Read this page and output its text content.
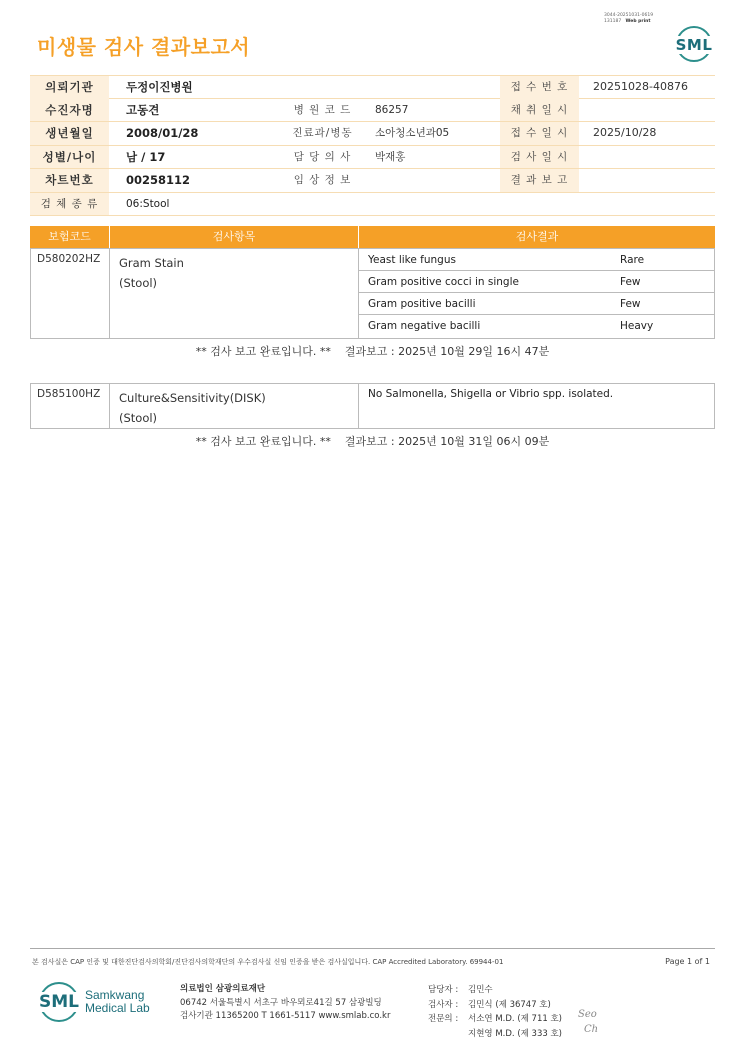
3044-20251031-0619
131187 Web print
미생물 검사 결과보고서	SML
의뢰기관	두정이진병원	접 수 번 호	20251028-40876
수진자명	고동견	병 원 코 드	86257	채 취 일 시
생년월일	2008/01/28	진료과/병동	소아청소년과05	접 수 일 시	2025/10/28
성별/나이	남 / 17	담 당 의 사	박재홍	검 사 일 시
차트번호	00258112	임 상 정 보	결 과 보 고
검 체 종 류	06:Stool
보험코드	검사항목	검사결과
D580202HZ	Gram Stain
(Stool)
Yeast like fungus	Rare
Gram positive cocci in single	Few
Gram positive bacilli	Few
Gram negative bacilli	Heavy
** 검사 보고 완료입니다. ** 결과보고 : 2025년 10월 29일 16시 47분
D585100HZ	Culture&Sensitivity(DISK)
(Stool)
No Salmonella, Shigella or Vibrio spp. isolated.
** 검사 보고 완료입니다. ** 결과보고 : 2025년 10월 31일 06시 09분
본 검사실은 CAP 인증 및 대한진단검사의학회/진단검사의학재단의 우수검사실 신임 인증을 받은 검사실입니다. CAP Accredited Laboratory. 69944-01	Page 1 of 1
SML Samkwang
Medical Lab
의료법인 삼광의료재단
06742 서울특별시 서초구 바우뫼로41길 57 삼광빌딩
검사기관 11365200 T 1661-5117 www.smlab.co.kr
담당자 :	김민수
검사자 :	김민식 (제 36747 호)
전문의 :	서소연 M.D. (제 711 호)
지현영 M.D. (제 333 호)
Seo
Ch
